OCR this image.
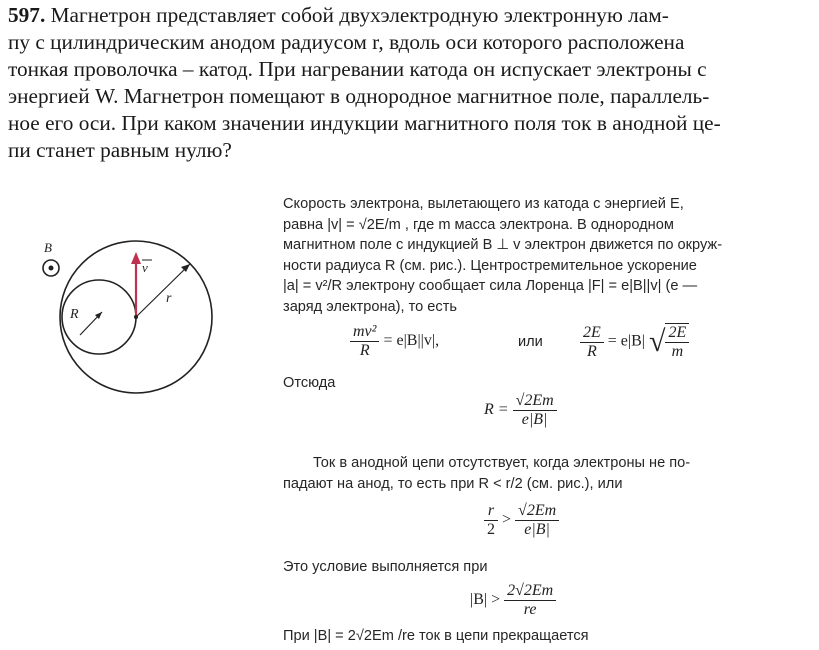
597. Магнетрон представляет собой двухэлектродную электронную лам-
пу с цилиндрическим анодом радиусом r, вдоль оси которого расположена
тонкая проволочка – катод. При нагревании катода он испускает электроны с
энергией W. Магнетрон помещают в однородное магнитное поле, параллель-
ное его оси. При каком значении индукции магнитного поля ток в анодной це-
пи станет равным нулю?
B
R
r
v
Скорость электрона, вылетающего из катода с энергией E,
равна |v| = √2E/m , где m масса электрона. В однородном
магнитном поле с индукцией B ⊥ v электрон движется по окруж-
ности радиуса R (см. рис.). Центростремительное ускорение
|a| = v²/R электрону сообщает сила Лоренца |F| = e|B||v| (e —
заряд электрона), то есть
$\frac{\text{mv²}}{R} = e|B||v|$,	или $\frac{2E}{R} = e|B|$ √ $\frac{2E}{m}$
Отсюда
$R = \frac{√2Em}{e|B|}$
Ток в анодной цепи отсутствует, когда электроны не по-
падают на анод, то есть при R < r/2 (см. рис.), или
$\frac{r}{2} > \frac{√2Em}{e|B|}$
Это условие выполняется при
$|B| > \frac{2√2Em}{re}$
При |B| = 2√2Em /re ток в цепи прекращается
